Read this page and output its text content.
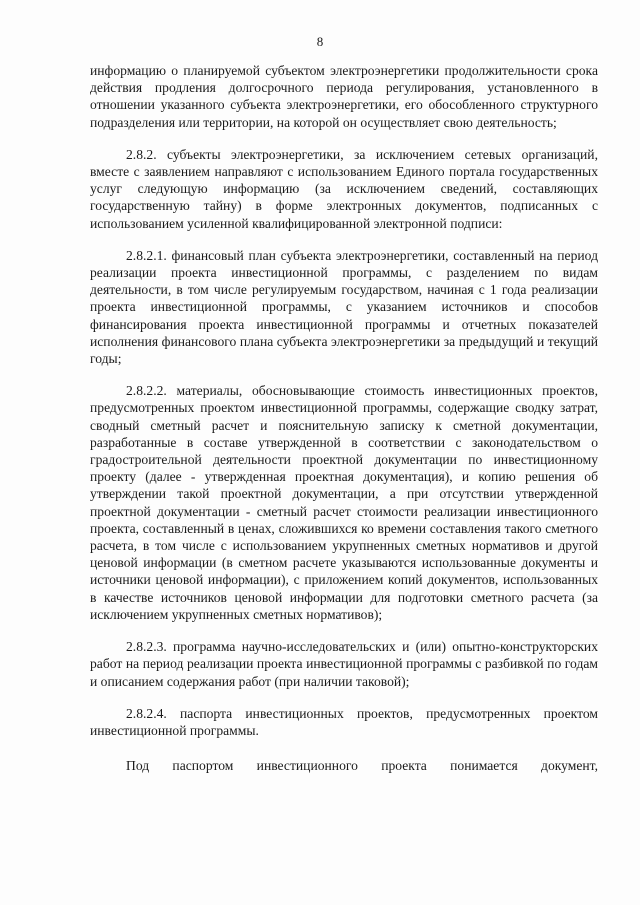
8

информацию о планируемой субъектом электроэнергетики продолжительности срока действия продления долгосрочного периода регулирования, установленного в отношении указанного субъекта электроэнергетики, его обособленного структурного подразделения или территории, на которой он осуществляет свою деятельность;

2.8.2. субъекты электроэнергетики, за исключением сетевых организаций, вместе с заявлением направляют с использованием Единого портала государственных услуг следующую информацию (за исключением сведений, составляющих государственную тайну) в форме электронных документов, подписанных с использованием усиленной квалифицированной электронной подписи:

2.8.2.1. финансовый план субъекта электроэнергетики, составленный на период реализации проекта инвестиционной программы, с разделением по видам деятельности, в том числе регулируемым государством, начиная с 1 года реализации проекта инвестиционной программы, с указанием источников и способов финансирования проекта инвестиционной программы и отчетных показателей исполнения финансового плана субъекта электроэнергетики за предыдущий и текущий годы;

2.8.2.2. материалы, обосновывающие стоимость инвестиционных проектов, предусмотренных проектом инвестиционной программы, содержащие сводку затрат, сводный сметный расчет и пояснительную записку к сметной документации, разработанные в составе утвержденной в соответствии с законодательством о градостроительной деятельности проектной документации по инвестиционному проекту (далее - утвержденная проектная документация), и копию решения об утверждении такой проектной документации, а при отсутствии утвержденной проектной документации - сметный расчет стоимости реализации инвестиционного проекта, составленный в ценах, сложившихся ко времени составления такого сметного расчета, в том числе с использованием укрупненных сметных нормативов и другой ценовой информации (в сметном расчете указываются использованные документы и источники ценовой информации), с приложением копий документов, использованных в качестве источников ценовой информации для подготовки сметного расчета (за исключением укрупненных сметных нормативов);

2.8.2.3. программа научно-исследовательских и (или) опытно-конструкторских работ на период реализации проекта инвестиционной программы с разбивкой по годам и описанием содержания работ (при наличии таковой);

2.8.2.4. паспорта инвестиционных проектов, предусмотренных проектом инвестиционной программы.

Под паспортом инвестиционного проекта понимается документ,
